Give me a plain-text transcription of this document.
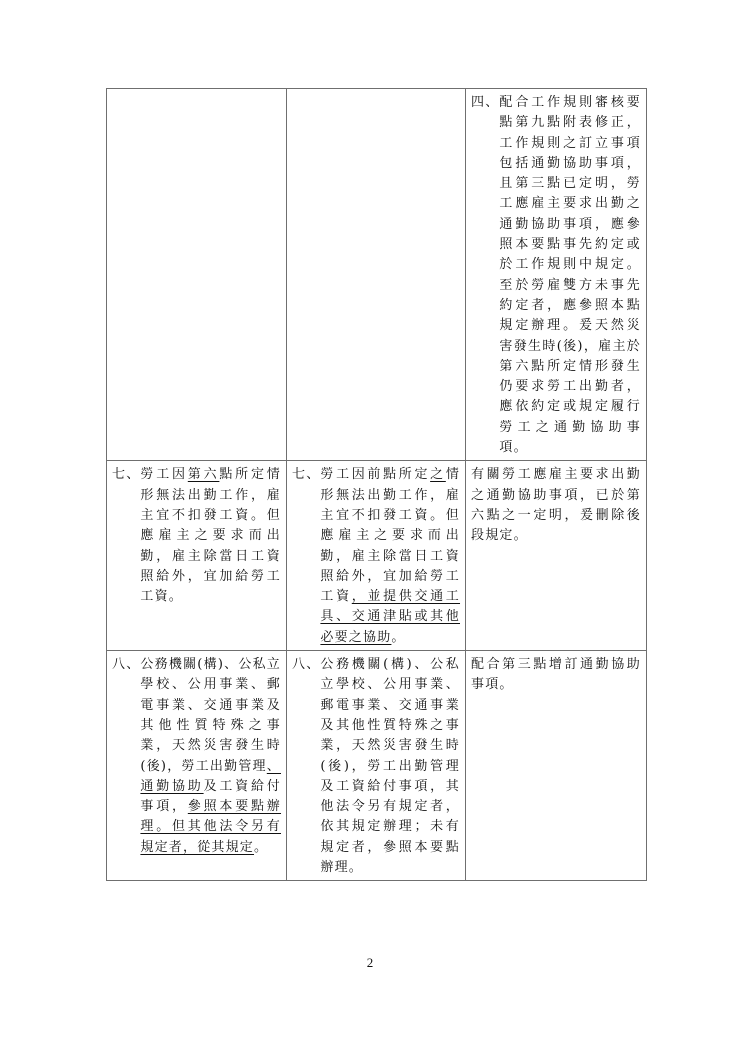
		四、 配合工作規則審核要點第九點附表修正，工作規則之訂立事項包括通勤協助事項，且第三點已定明，勞工應雇主要求出勤之通勤協助事項，應參照本要點事先約定或於工作規則中規定。至於勞雇雙方未事先約定者，應參照本點規定辦理。爰天然災害發生時(後)，雇主於第六點所定情形發生仍要求勞工出勤者，應依約定或規定履行勞工之通勤協助事項。

七、 勞工因第六點所定情形無法出勤工作，雇主宜不扣發工資。但應雇主之要求而出勤，雇主除當日工資照給外，宜加給勞工工資。	七、 勞工因前點所定之情形無法出勤工作，雇主宜不扣發工資。但應雇主之要求而出勤，雇主除當日工資照給外，宜加給勞工工資，並提供交通工具、交通津貼或其他必要之協助。	有關勞工應雇主要求出勤之通勤協助事項，已於第六點之一定明，爰刪除後段規定。

八、 公務機關(構)、公私立學校、公用事業、郵電事業、交通事業及其他性質特殊之事業，天然災害發生時(後)，勞工出勤管理、通勤協助及工資給付事項，參照本要點辦理。但其他法令另有規定者，從其規定。	八、 公務機關(構)、公私立學校、公用事業、郵電事業、交通事業及其他性質特殊之事業，天然災害發生時(後)，勞工出勤管理及工資給付事項，其他法令另有規定者，依其規定辦理；未有規定者，參照本要點辦理。	配合第三點增訂通勤協助事項。
2
